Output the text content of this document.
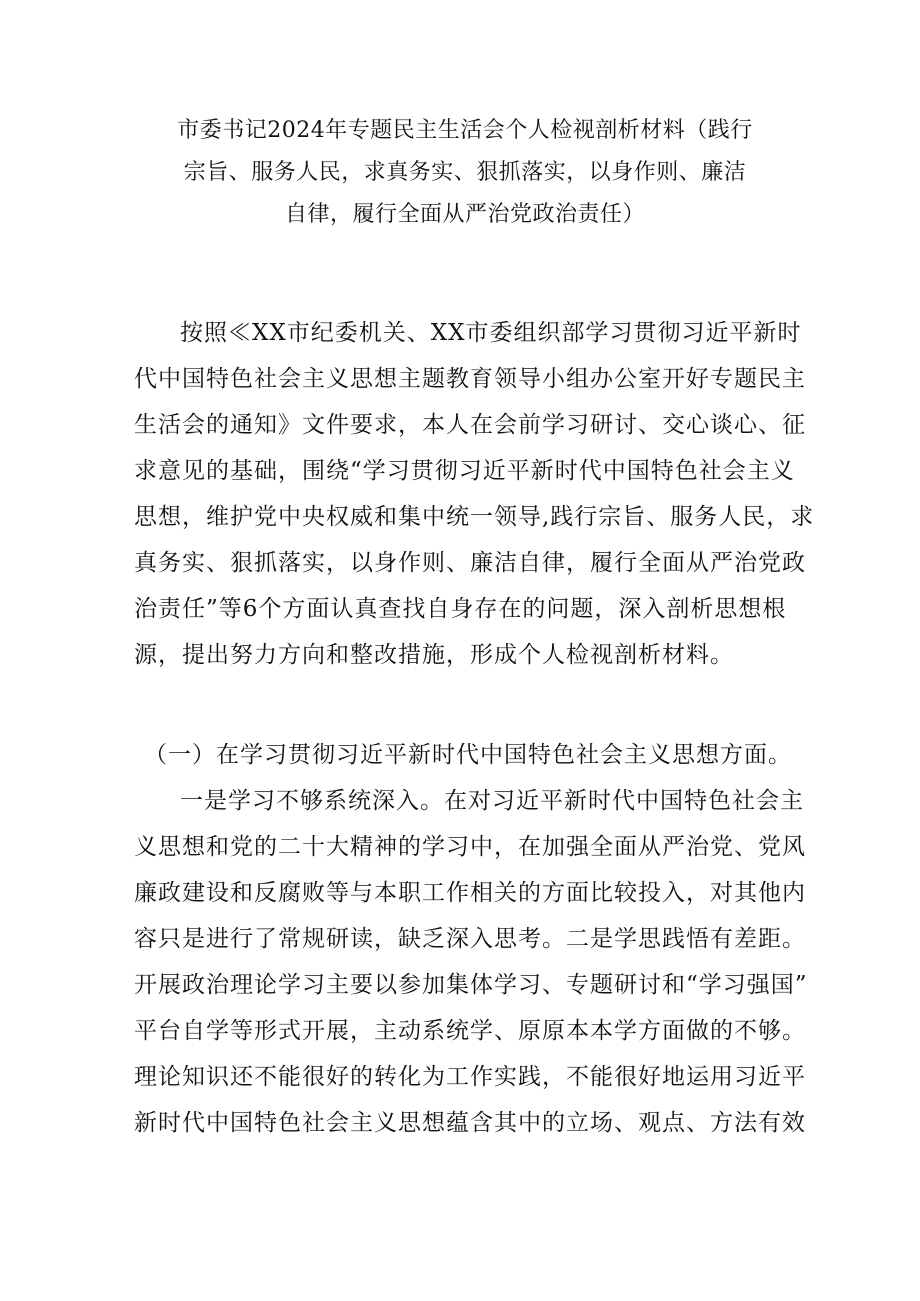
市委书记2024年专题民主生活会个人检视剖析材料（践行
宗旨、服务人民，求真务实、狠抓落实，以身作则、廉洁
自律，履行全面从严治党政治责任）
按照≪XX市纪委机关、XX市委组织部学习贯彻习近平新时
代中国特色社会主义思想主题教育领导小组办公室开好专题民主
生活会的通知》文件要求，本人在会前学习研讨、交心谈心、征
求意见的基础，围绕“学习贯彻习近平新时代中国特色社会主义
思想，维护党中央权威和集中统一领导,践行宗旨、服务人民，求
真务实、狠抓落实，以身作则、廉洁自律，履行全面从严治党政
治责任”等6个方面认真查找自身存在的问题，深入剖析思想根
源，提出努力方向和整改措施，形成个人检视剖析材料。
（一）在学习贯彻习近平新时代中国特色社会主义思想方面。
一是学习不够系统深入。在对习近平新时代中国特色社会主
义思想和党的二十大精神的学习中，在加强全面从严治党、党风
廉政建设和反腐败等与本职工作相关的方面比较投入，对其他内
容只是进行了常规研读，缺乏深入思考。二是学思践悟有差距。
开展政治理论学习主要以参加集体学习、专题研讨和“学习强国”
平台自学等形式开展，主动系统学、原原本本学方面做的不够。
理论知识还不能很好的转化为工作实践，不能很好地运用习近平
新时代中国特色社会主义思想蕴含其中的立场、观点、方法有效
